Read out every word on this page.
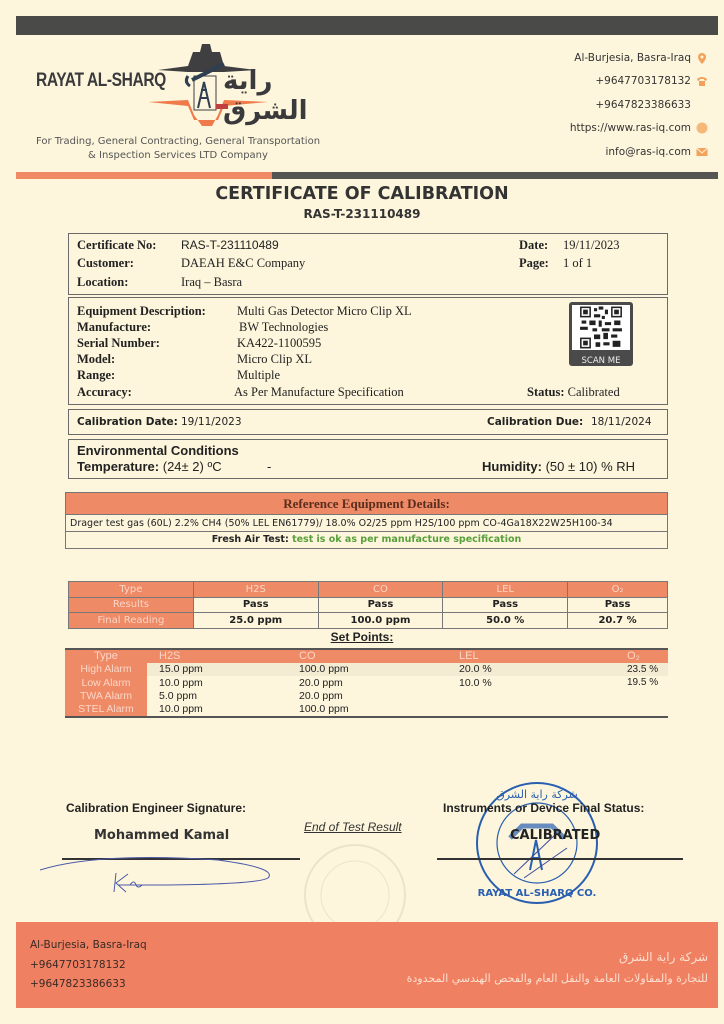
RAYAT AL-SHARQ راية الشرق
For Trading, General Contracting, General Transportation
& Inspection Services LTD Company
Al-Burjesia, Basra-Iraq
+9647703178132
+9647823386633
https://www.ras-iq.com
info@ras-iq.com
CERTIFICATE OF CALIBRATION
RAS-T-231110489
Certificate No: RAS-T-231110489
Customer:	DAEAH E&C Company
Location:	Iraq – Basra
Date: 19/11/2023
Page: 1 of 1
Equipment Description: Multi Gas Detector Micro Clip XL
Manufacture:	BW Technologies
Serial Number:	KA422-1100595
Model:	Micro Clip XL
Range:	Multiple
Accuracy:	As Per Manufacture Specification
SCAN ME
Status: Calibrated
Calibration Date: 19/11/2023	Calibration Due: 18/11/2024
Environmental Conditions
Temperature: (24± 2) ºC	-	Humidity: (50 ± 10) % RH
Reference Equipment Details:
Drager test gas (60L) 2.2% CH4 (50% LEL EN61779)/ 18.0% O2/25 ppm H2S/100 ppm CO-4Ga18X22W25H100-34
Fresh Air Test: test is ok as per manufacture specification
Type	H2S	CO	LEL	O₂
Results	Pass	Pass	Pass	Pass
Final Reading	25.0 ppm	100.0 ppm	50.0 %	20.7 %
Set Points:
Type	H2S	CO	LEL	O₂
High Alarm	15.0 ppm	100.0 ppm	20.0 %	23.5 %
Low Alarm	10.0 ppm	20.0 ppm	10.0 %	19.5 %
TWA Alarm	5.0 ppm	20.0 ppm		
STEL Alarm	10.0 ppm	100.0 ppm		
Calibration Engineer Signature:
Mohammed Kamal
End of Test Result
شركة راية الشرق
RAYAT AL-SHARQ CO.
Instruments or Device Final Status:
CALIBRATED
Al-Burjesia, Basra-Iraq
+9647703178132
+9647823386633
شركة راية الشرق
للتجارة والمقاولات العامة والنقل العام والفحص الهندسي المحدودة
